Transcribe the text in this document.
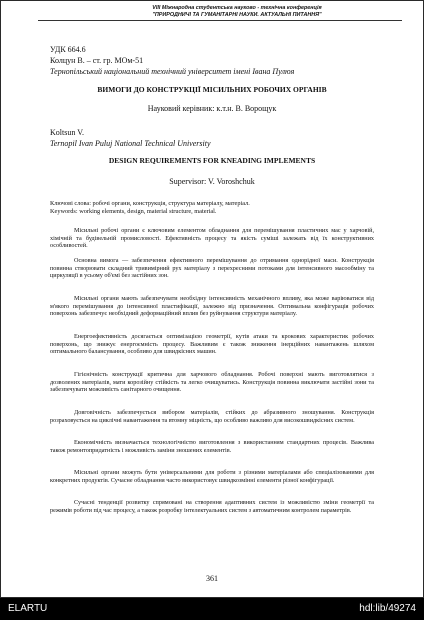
VIII Міжнародна студентська науково - технічна конференція
"ПРИРОДНИЧІ ТА ГУМАНІТАРНІ НАУКИ. АКТУАЛЬНІ ПИТАННЯ"
УДК 664.6
Колцун В. – ст. гр. МОм-51
Тернопільський національний технічний університет імені Івана Пулюя
ВИМОГИ ДО КОНСТРУКЦІЇ МІСИЛЬНИХ РОБОЧИХ ОРГАНІВ
Науковий керівник: к.т.н. В. Ворощук
Koltsun V.
Ternopil Ivan Puluj National Technical University
DESIGN REQUIREMENTS FOR KNEADING IMPLEMENTS
Supervisor: V. Voroshchuk
Ключові слова: робочі органи, конструкція, структура матеріалу, матеріал.
Keywords: working elements, design, material structure, material.
Місильні робочі органи є ключовим елементом обладнання для перемішування пластичних мас у харчовій, хімічній та будівельній промисловості. Ефективність процесу та якість суміші залежать від їх конструктивних особливостей.
Основна вимога — забезпечення ефективного перемішування до отримання однорідної маси. Конструкція повинна створювати складний тривимірний рух матеріалу з перехресними потоками для інтенсивного масообміну та циркуляції в усьому об'ємі без застійних зон.
Місильні органи мають забезпечувати необхідну інтенсивність механічного впливу, яка може варіюватися від м'якого перемішування до інтенсивної пластифікації, залежно від призначення. Оптимальна конфігурація робочих поверхонь забезпечує необхідний деформаційний вплив без руйнування структури матеріалу.
Енергоефективність досягається оптимізацією геометрії, кутів атаки та крокових характеристик робочих поверхонь, що знижує енергоємність процесу. Важливим є також зниження інерційних навантажень шляхом оптимального балансування, особливо для швидкісних машин.
Гігієнічність конструкції критична для харчового обладнання. Робочі поверхні мають виготовлятися з дозволених матеріалів, мати корозійну стійкість та легко очищуватись. Конструкція повинна виключати застійні зони та забезпечувати можливість санітарного очищення.
Довговічність забезпечується вибором матеріалів, стійких до абразивного зношування. Конструкція розраховується на циклічні навантаження та втомну міцність, що особливо важливо для високошвидкісних систем.
Економічність визначається технологічністю виготовлення з використанням стандартних процесів. Важлива також ремонтопридатність і можливість заміни зношених елементів.
Місильні органи можуть бути універсальними для роботи з різними матеріалами або спеціалізованими для конкретних продуктів. Сучасне обладнання часто використовує швидкозмінні елементи різної конфігурації.
Сучасні тенденції розвитку спрямовані на створення адаптивних систем із можливістю зміни геометрії та режимів роботи під час процесу, а також розробку інтелектуальних систем з автоматичним контролем параметрів.
361
ELARTU	hdl:lib/49274
